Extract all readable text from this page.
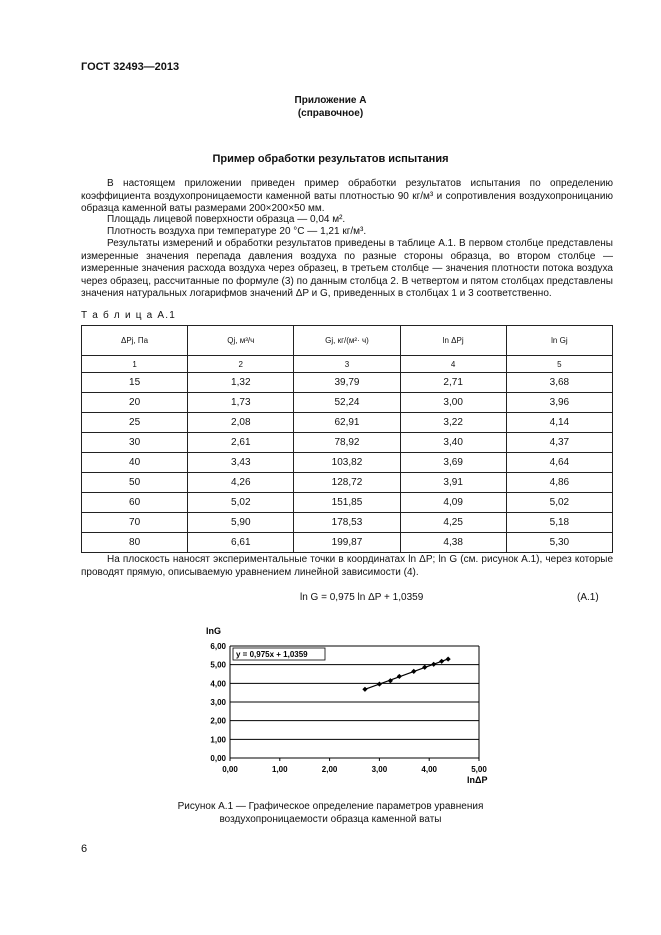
ГОСТ 32493—2013
Приложение А
(справочное)
Пример обработки результатов испытания
В настоящем приложении приведен пример обработки результатов испытания по определению коэффициента воздухопроницаемости каменной ваты плотностью 90 кг/м³ и сопротивления воздухопроницанию образца каменной ваты размерами 200×200×50 мм.
Площадь лицевой поверхности образца — 0,04 м².
Плотность воздуха при температуре 20 °С — 1,21 кг/м³.
Результаты измерений и обработки результатов приведены в таблице А.1. В первом столбце представлены измеренные значения перепада давления воздуха по разные стороны образца, во втором столбце — измеренные значения расхода воздуха через образец, в третьем столбце — значения плотности потока воздуха через образец, рассчитанные по формуле (3) по данным столбца 2. В четвертом и пятом столбцах представлены значения натуральных логарифмов значений ΔP и G, приведенных в столбцах 1 и 3 соответственно.
Т а б л и ц а А.1
ΔPj, Па	Qj, м³/ч	Gj, кг/(м²· ч)	ln ΔPj	ln Gj
1	2	3	4	5
15	1,32	39,79	2,71	3,68
20	1,73	52,24	3,00	3,96
25	2,08	62,91	3,22	4,14
30	2,61	78,92	3,40	4,37
40	3,43	103,82	3,69	4,64
50	4,26	128,72	3,91	4,86
60	5,02	151,85	4,09	5,02
70	5,90	178,53	4,25	5,18
80	6,61	199,87	4,38	5,30
На плоскость наносят экспериментальные точки в координатах ln ΔP; ln G (см. рисунок А.1), через которые проводят прямую, описываемую уравнением линейной зависимости (4).
ln G = 0,975 ln ΔP + 1,0359	(А.1)
0,00
1,00
2,00
3,00
4,00
5,00
6,00
0,00	1,00	2,00	3,00	4,00	5,00
lnG
lnΔP
y = 0,975x + 1,0359
Рисунок А.1 — Графическое определение параметров уравнения
воздухопроницаемости образца каменной ваты
6
